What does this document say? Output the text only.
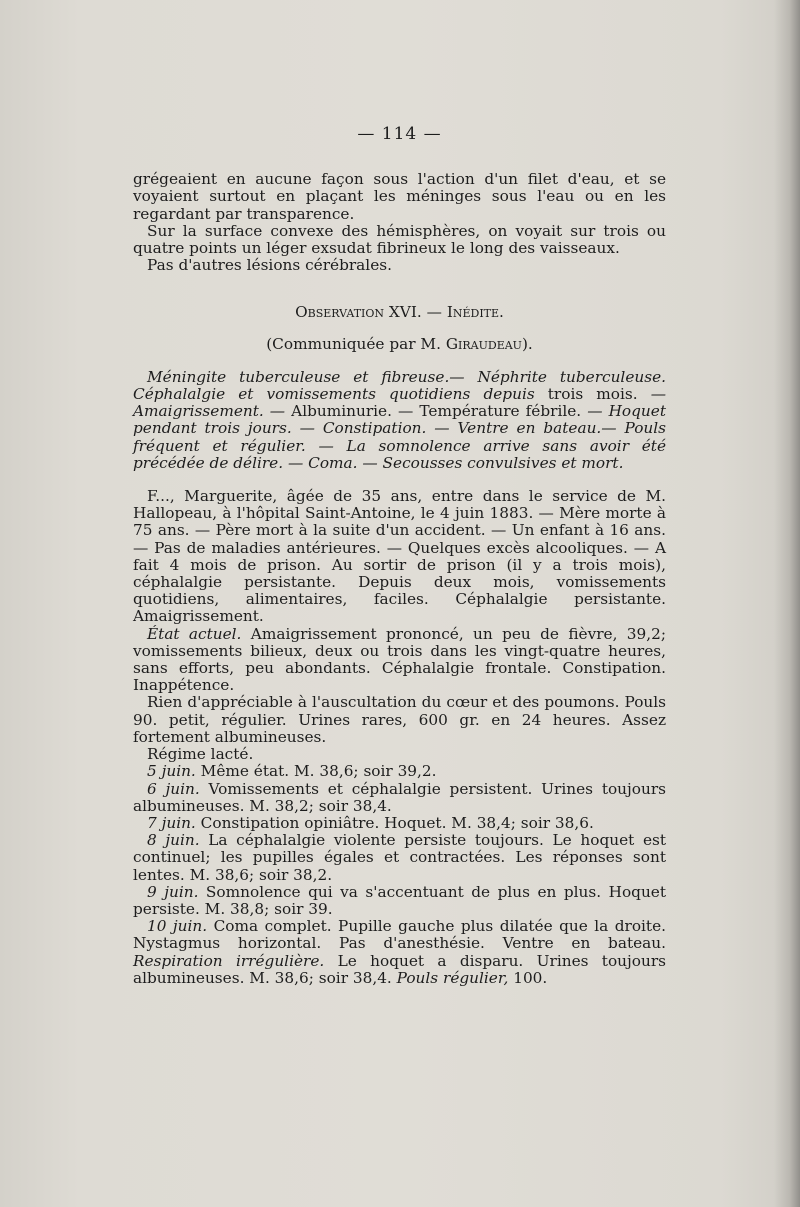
— 114 —

grégeaient en aucune façon sous l'action d'un filet d'eau, et se voyaient surtout en plaçant les méninges sous l'eau ou en les regardant par transparence.

Sur la surface convexe des hémisphères, on voyait sur trois ou quatre points un léger exsudat fibrineux le long des vaisseaux.

Pas d'autres lésions cérébrales.

Observation XVI. — Inédite.
(Communiquée par M. Giraudeau).

Méningite tuberculeuse et fibreuse.— Néphrite tuberculeuse. Céphalalgie et vomissements quotidiens depuis trois mois. —Amaigrissement. — Albuminurie. — Température fébrile. — Hoquet pendant trois jours. — Constipation. — Ventre en bateau.— Pouls fréquent et régulier. — La somnolence arrive sans avoir été précédée de délire. — Coma. — Secousses convulsives et mort.

F..., Marguerite, âgée de 35 ans, entre dans le service de M. Hallopeau, à l'hôpital Saint-Antoine, le 4 juin 1883. — Mère morte à 75 ans. — Père mort à la suite d'un accident. — Un enfant à 16 ans. — Pas de maladies antérieures. — Quelques excès alcooliques. — A fait 4 mois de prison. Au sortir de prison (il y a trois mois), céphalalgie persistante. Depuis deux mois, vomissements quotidiens, alimentaires, faciles. Céphalalgie persistante. Amaigrissement.

État actuel. Amaigrissement prononcé, un peu de fièvre, 39,2; vomissements bilieux, deux ou trois dans les vingt-quatre heures, sans efforts, peu abondants. Céphalalgie frontale. Constipation. Inappétence.

Rien d'appréciable à l'auscultation du cœur et des poumons. Pouls 90. petit, régulier. Urines rares, 600 gr. en 24 heures. Assez fortement albumineuses.

Régime lacté.

5 juin. Même état. M. 38,6; soir 39,2.

6 juin. Vomissements et céphalalgie persistent. Urines toujours albumineuses. M. 38,2; soir 38,4.

7 juin. Constipation opiniâtre. Hoquet. M. 38,4; soir 38,6.

8 juin. La céphalalgie violente persiste toujours. Le hoquet est continuel; les pupilles égales et contractées. Les réponses sont lentes. M. 38,6; soir 38,2.

9 juin. Somnolence qui va s'accentuant de plus en plus. Hoquet persiste. M. 38,8; soir 39.

10 juin. Coma complet. Pupille gauche plus dilatée que la droite. Nystagmus horizontal. Pas d'anesthésie. Ventre en bateau. Respiration irrégulière. Le hoquet a disparu. Urines toujours albumineuses. M. 38,6; soir 38,4. Pouls régulier, 100.
